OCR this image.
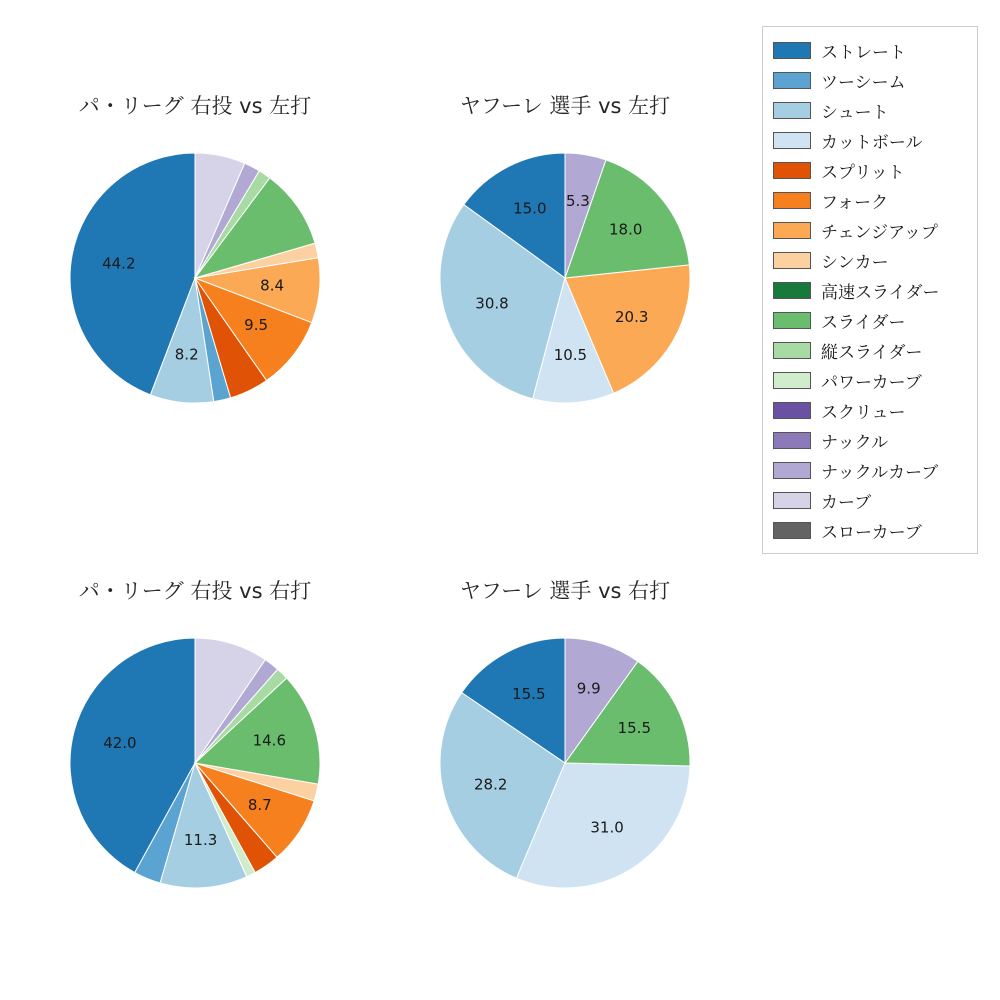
パ・リーグ 右投 vs 左打
44.2
8.2
9.5
8.4
ヤフーレ 選手 vs 左打
15.0
30.8
10.5
20.3
18.0
5.3
パ・リーグ 右投 vs 右打
42.0
11.3
8.7
14.6
ヤフーレ 選手 vs 右打
15.5
28.2
31.0
15.5
9.9
ストレート
ツーシーム
シュート
カットボール
スプリット
フォーク
チェンジアップ
シンカー
高速スライダー
スライダー
縦スライダー
パワーカーブ
スクリュー
ナックル
ナックルカーブ
カーブ
スローカーブ
